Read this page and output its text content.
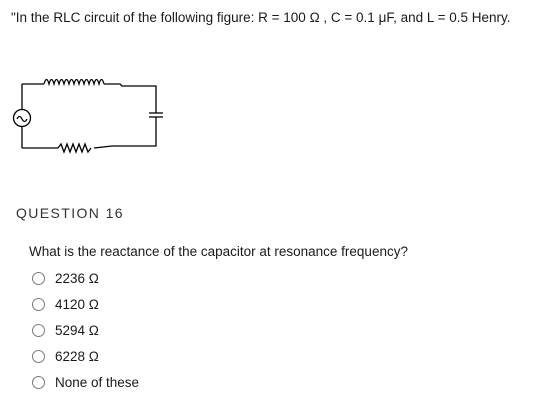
"In the RLC circuit of the following figure: R = 100 Ω , C = 0.1 μF, and L = 0.5 Henry.
QUESTION 16
What is the reactance of the capacitor at resonance frequency?
2236 Ω
4120 Ω
5294 Ω
6228 Ω
None of these
